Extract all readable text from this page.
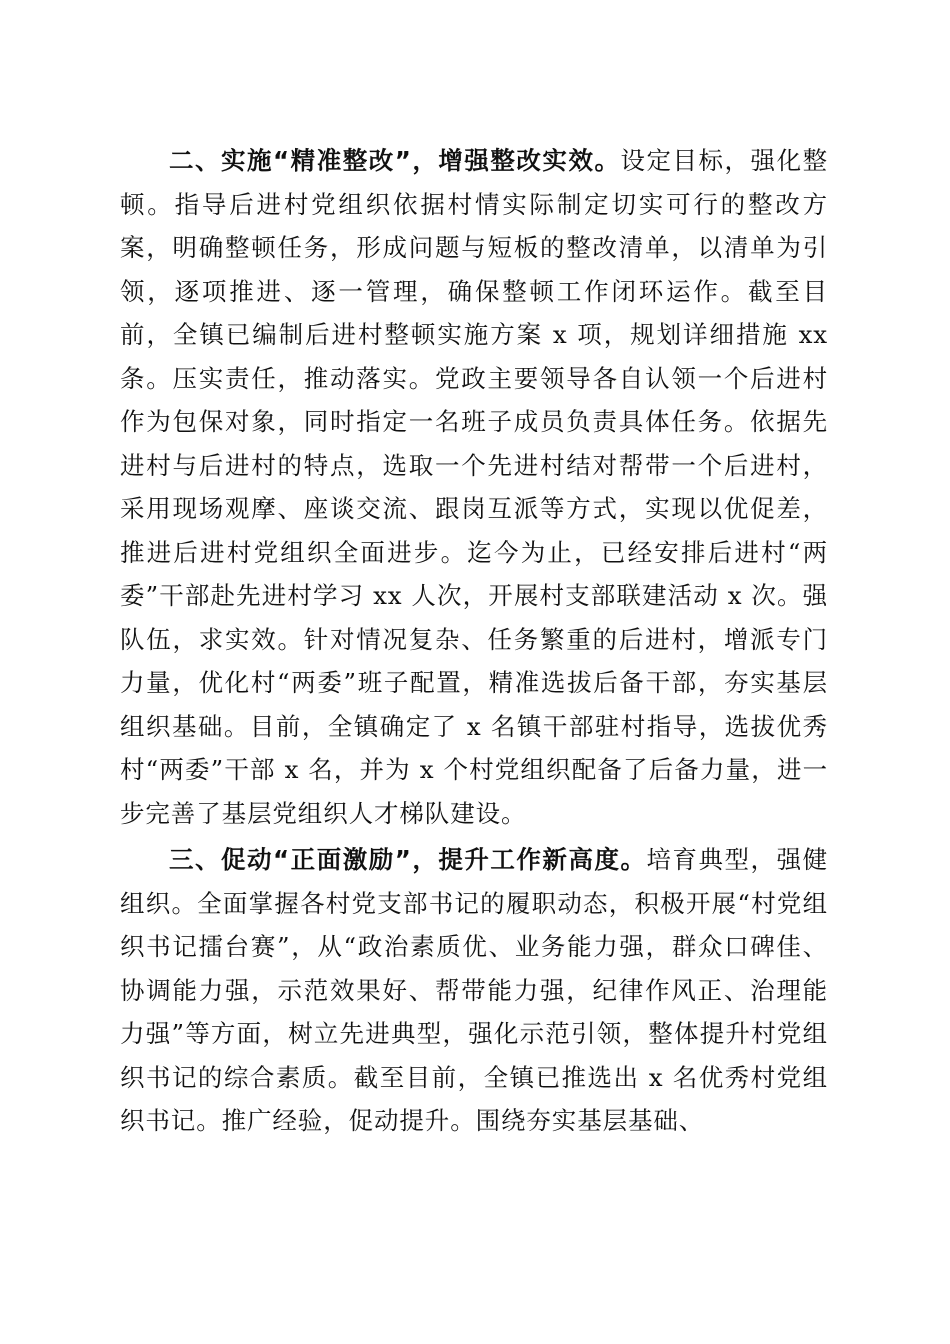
二、实施“精准整改”，增强整改实效。设定目标，强化整顿。指导后进村党组织依据村情实际制定切实可行的整改方案，明确整顿任务，形成问题与短板的整改清单，以清单为引领，逐项推进、逐一管理，确保整顿工作闭环运作。截至目前，全镇已编制后进村整顿实施方案 x 项，规划详细措施 xx 条。压实责任，推动落实。党政主要领导各自认领一个后进村作为包保对象，同时指定一名班子成员负责具体任务。依据先进村与后进村的特点，选取一个先进村结对帮带一个后进村，采用现场观摩、座谈交流、跟岗互派等方式，实现以优促差，推进后进村党组织全面进步。迄今为止，已经安排后进村“两委”干部赴先进村学习 xx 人次，开展村支部联建活动 x 次。强队伍，求实效。针对情况复杂、任务繁重的后进村，增派专门力量，优化村“两委”班子配置，精准选拔后备干部，夯实基层组织基础。目前，全镇确定了 x 名镇干部驻村指导，选拔优秀村“两委”干部 x 名，并为 x 个村党组织配备了后备力量，进一步完善了基层党组织人才梯队建设。

三、促动“正面激励”，提升工作新高度。培育典型，强健组织。全面掌握各村党支部书记的履职动态，积极开展“村党组织书记擂台赛”，从“政治素质优、业务能力强，群众口碑佳、协调能力强，示范效果好、帮带能力强，纪律作风正、治理能力强”等方面，树立先进典型，强化示范引领，整体提升村党组织书记的综合素质。截至目前，全镇已推选出 x 名优秀村党组织书记。推广经验，促动提升。围绕夯实基层基础、
